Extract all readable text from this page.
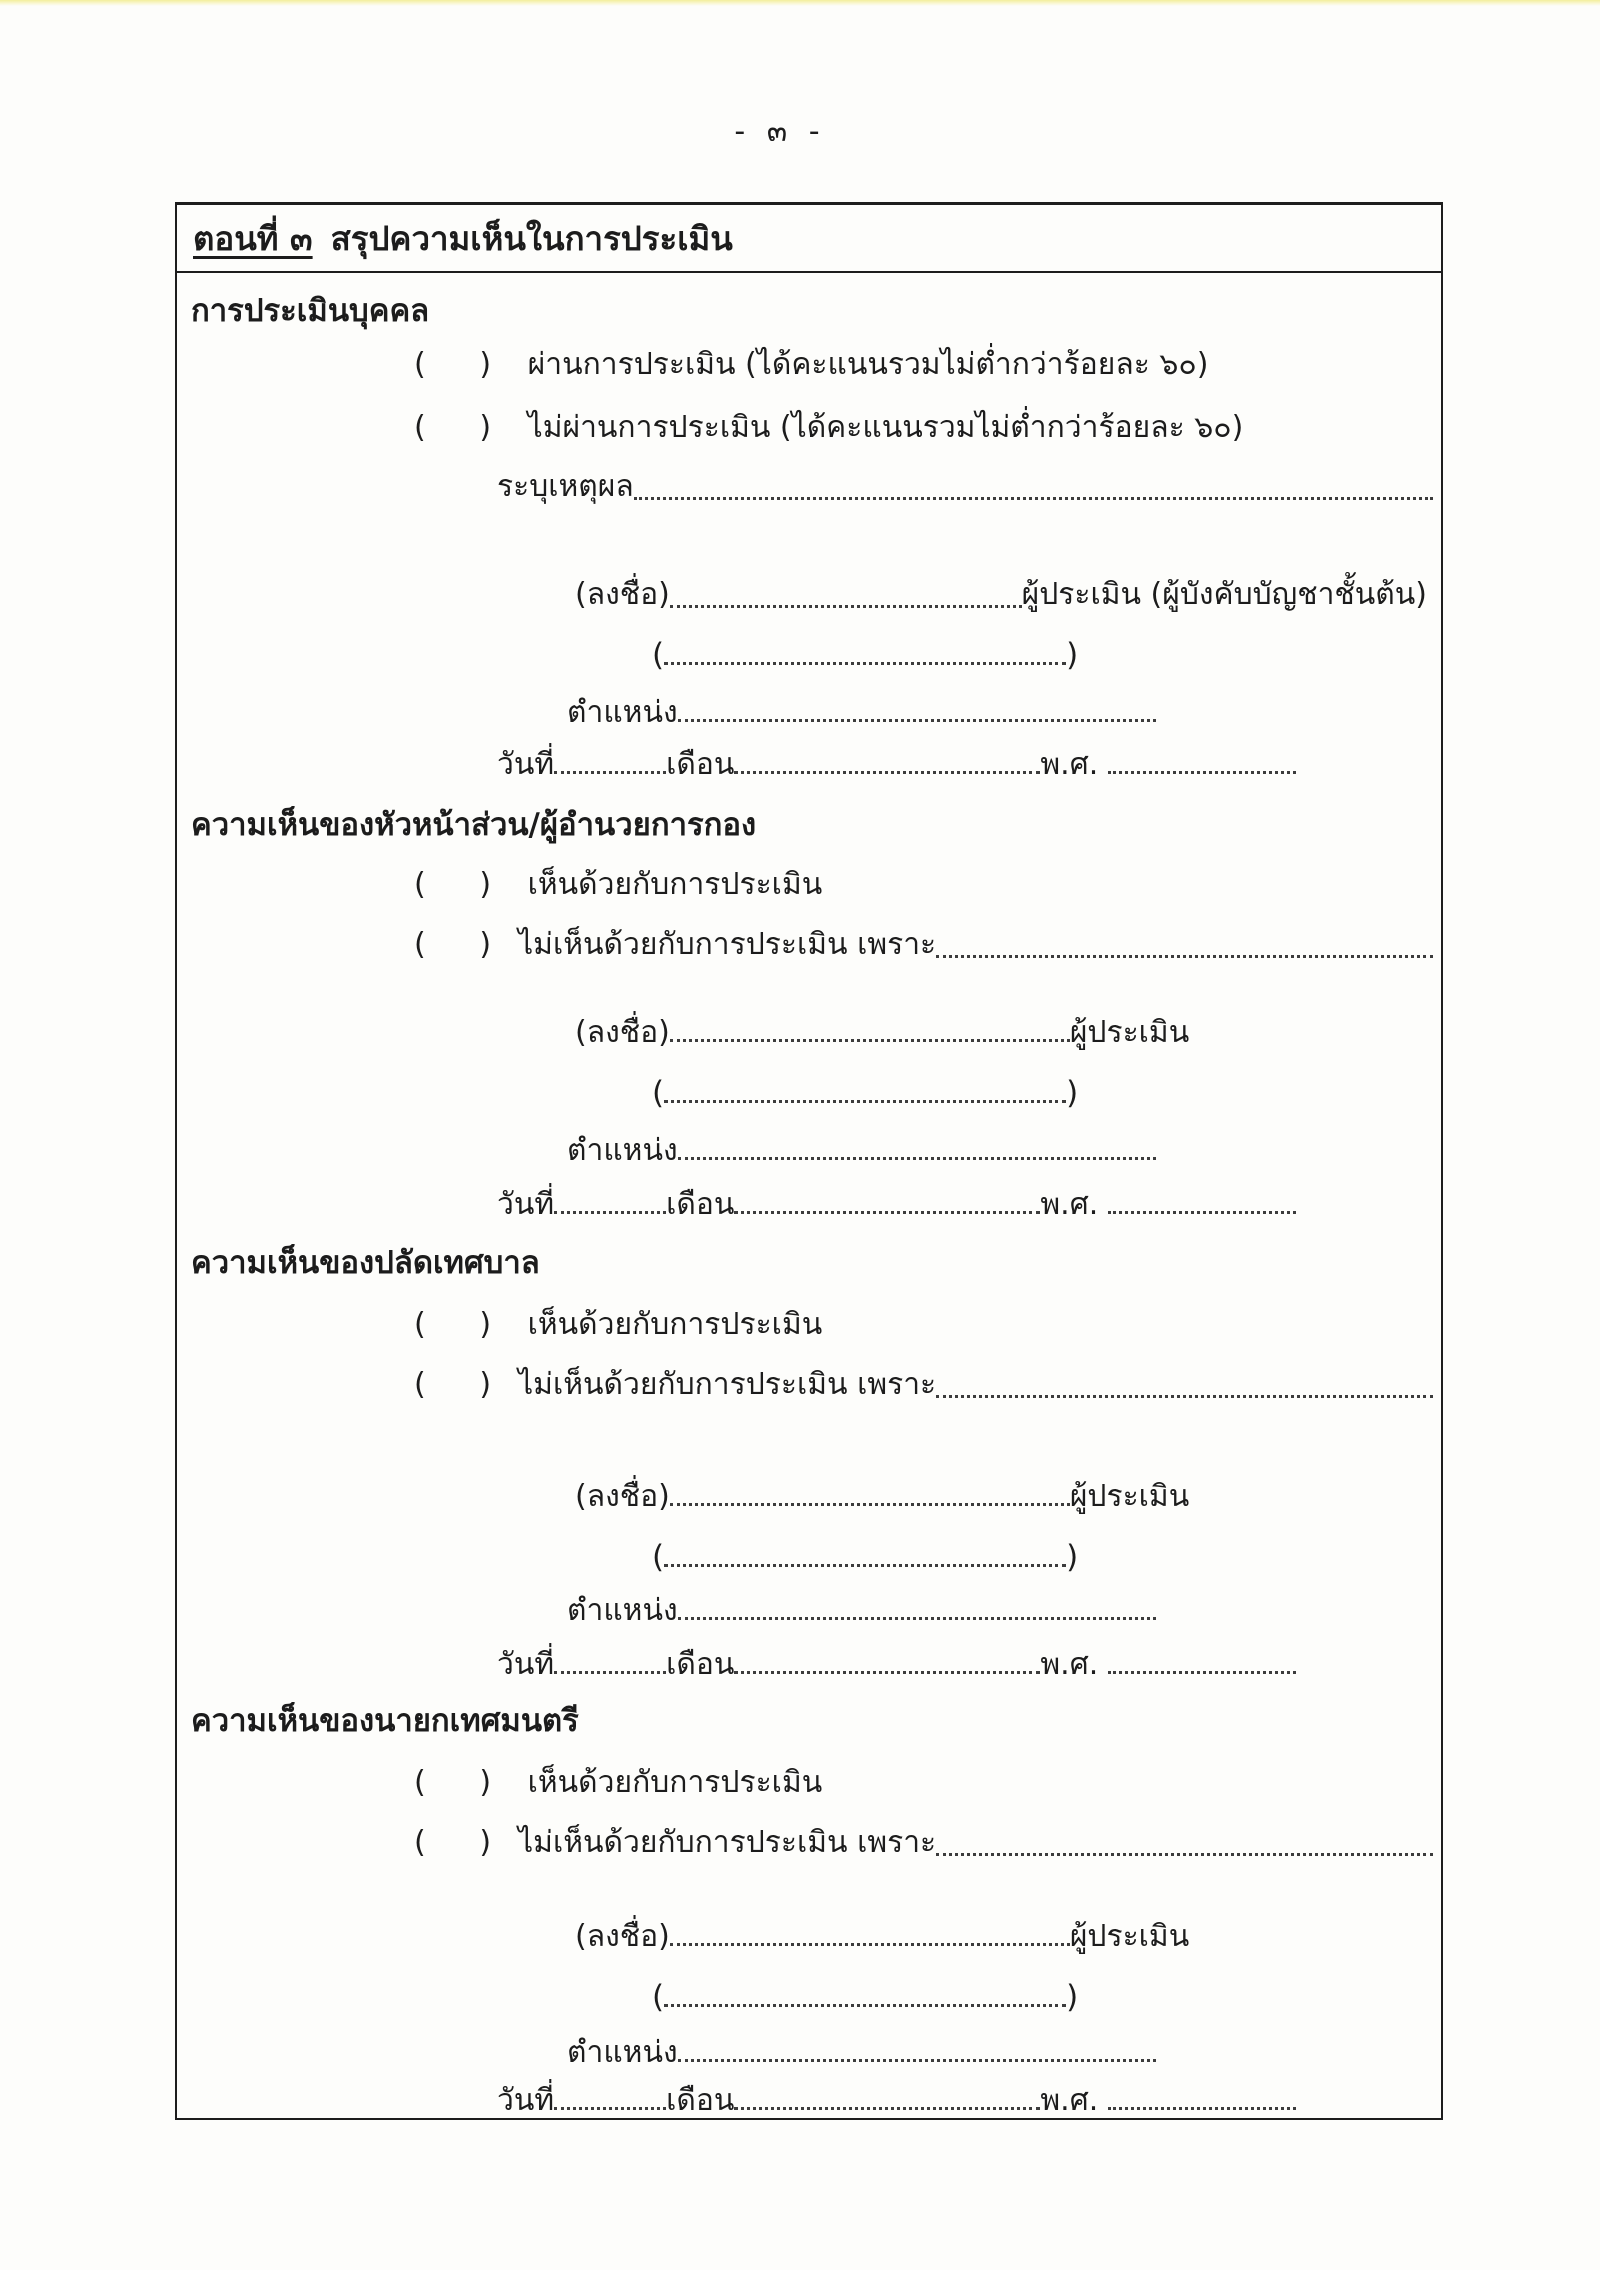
- ๓ -
ตอนที่ ๓ สรุปความเห็นในการประเมิน
การประเมินบุคคล
(     ) ผ่านการประเมิน (ได้คะแนนรวมไม่ต่ำกว่าร้อยละ ๖๐)
(     ) ไม่ผ่านการประเมิน (ได้คะแนนรวมไม่ต่ำกว่าร้อยละ ๖๐)
ระบุเหตุผล
(ลงชื่อ)	ผู้ประเมิน (ผู้บังคับบัญชาชั้นต้น)
(	)
ตำแหน่ง
วันที่	เดือน	พ.ศ.
ความเห็นของหัวหน้าส่วน/ผู้อำนวยการกอง
(     ) เห็นด้วยกับการประเมิน
(     ) ไม่เห็นด้วยกับการประเมิน เพราะ
(ลงชื่อ)	ผู้ประเมิน
(	)
ตำแหน่ง
วันที่	เดือน	พ.ศ.
ความเห็นของปลัดเทศบาล
(     ) เห็นด้วยกับการประเมิน
(     ) ไม่เห็นด้วยกับการประเมิน เพราะ
(ลงชื่อ)	ผู้ประเมิน
(	)
ตำแหน่ง
วันที่	เดือน	พ.ศ.
ความเห็นของนายกเทศมนตรี
(     ) เห็นด้วยกับการประเมิน
(     ) ไม่เห็นด้วยกับการประเมิน เพราะ
(ลงชื่อ)	ผู้ประเมิน
(	)
ตำแหน่ง
วันที่	เดือน	พ.ศ.
